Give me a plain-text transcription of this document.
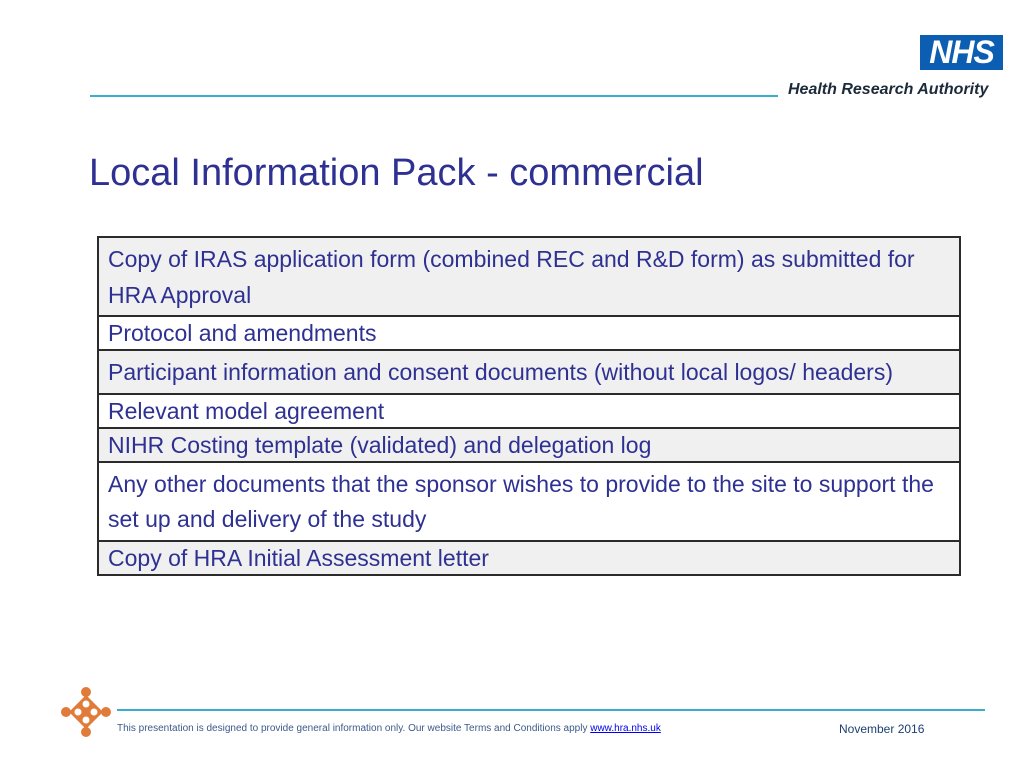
NHS
Health Research Authority
Local Information Pack - commercial
Copy of IRAS application form (combined REC and R&D form) as submitted for HRA Approval
Protocol and amendments
Participant information and consent documents (without local logos/ headers)
Relevant model agreement
NIHR Costing template (validated) and delegation log
Any other documents that the sponsor wishes to provide to the site to support the set up and delivery of the study
Copy of HRA Initial Assessment letter
This presentation is designed to provide general information only. Our website Terms and Conditions apply www.hra.nhs.uk	November 2016
